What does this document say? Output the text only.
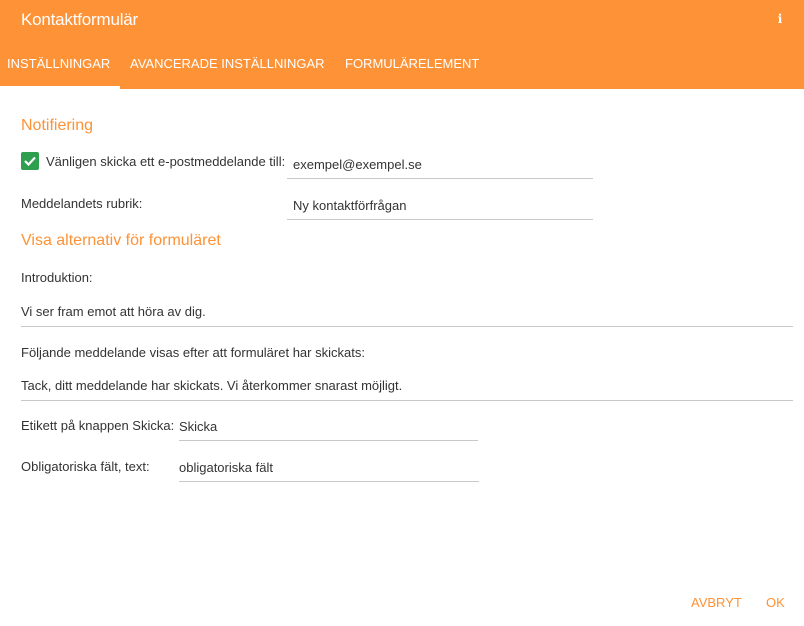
Kontaktformulär	i
INSTÄLLNINGAR AVANCERADE INSTÄLLNINGAR FORMULÄRELEMENT
Notifiering
Vänligen skicka ett e-postmeddelande till:
exempel@exempel.se
Meddelandets rubrik:
Ny kontaktförfrågan
Visa alternativ för formuläret
Introduktion:
Vi ser fram emot att höra av dig.
Följande meddelande visas efter att formuläret har skickats:
Tack, ditt meddelande har skickats. Vi återkommer snarast möjligt.
Etikett på knappen Skicka:
Skicka
Obligatoriska fält, text:
obligatoriska fält
AVBRYT OK
